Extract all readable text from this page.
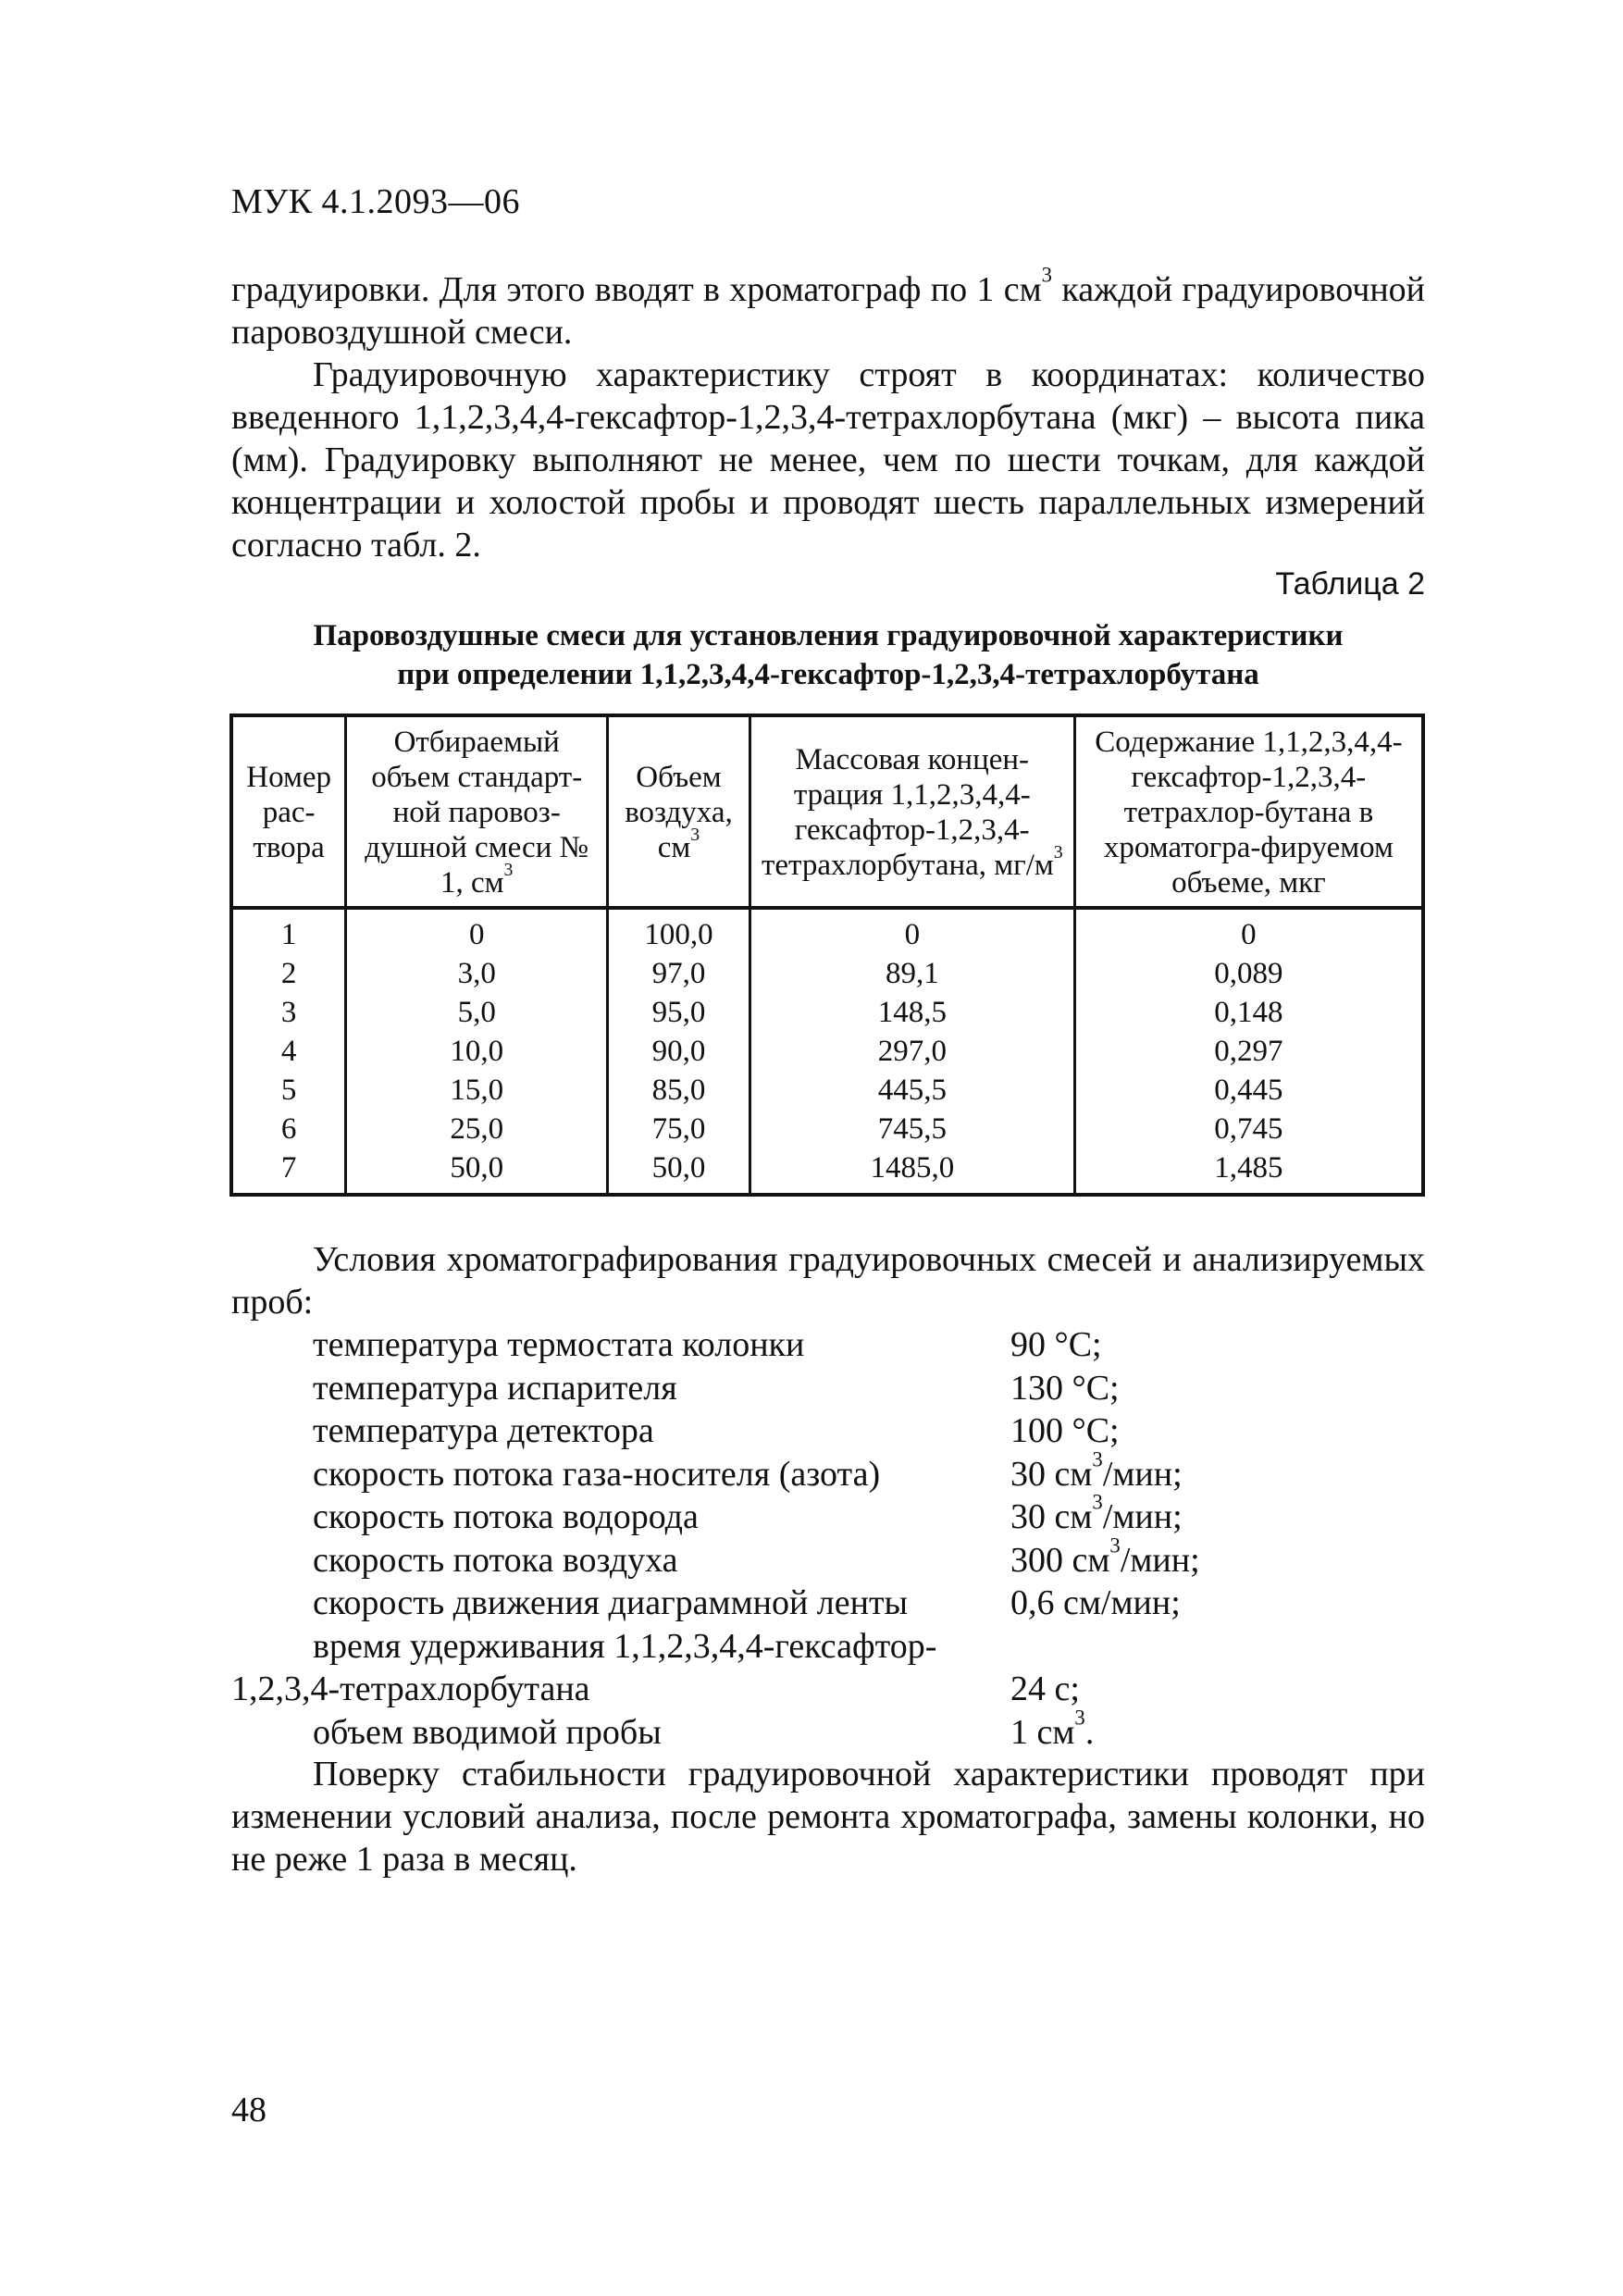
МУК 4.1.2093—06

градуировки. Для этого вводят в хроматограф по 1 $см^3$ каждой градуировочной паровоздушной смеси.

Градуировочную характеристику строят в координатах: количество введенного 1,1,2,3,4,4-гексафтор-1,2,3,4-тетрахлорбутана (мкг) – высота пика (мм). Градуировку выполняют не менее, чем по шести точкам, для каждой концентрации и холостой пробы и проводят шесть параллельных измерений согласно табл. 2.

Таблица 2
Паровоздушные смеси для установления градуировочной характеристики
при определении 1,1,2,3,4,4-гексафтор-1,2,3,4-тетрахлорбутана
Номер рас-твора	Отбираемый объем стандарт-ной паровоз-душной смеси № 1, $см^3$	Объем воздуха, $см^3$	Массовая концен-трация 1,1,2,3,4,4-гексафтор-1,2,3,4-тетрахлорбутана, $мг/м^3$	Содержание 1,1,2,3,4,4-гексафтор-1,2,3,4-тетрахлор-бутана в хроматогра-фируемом объеме, мкг
1	0	100,0	0	0
2	3,0	97,0	89,1	0,089
3	5,0	95,0	148,5	0,148
4	10,0	90,0	297,0	0,297
5	15,0	85,0	445,5	0,445
6	25,0	75,0	745,5	0,745
7	50,0	50,0	1485,0	1,485

Условия хроматографирования градуировочных смесей и анализируемых проб:

температура термостата колонки	90 °С;
температура испарителя	130 °С;
температура детектора	100 °С;
скорость потока газа-носителя (азота)	30 $см^3$/мин;
скорость потока водорода	30 $см^3$/мин;
скорость потока воздуха	300 $см^3$/мин;
скорость движения диаграммной ленты	0,6 см/мин;
время удерживания 1,1,2,3,4,4-гексафтор-
1,2,3,4-тетрахлорбутана	24 с;
объем вводимой пробы	1 $см^3$.

Поверку стабильности градуировочной характеристики проводят при изменении условий анализа, после ремонта хроматографа, замены колонки, но не реже 1 раза в месяц.

48
